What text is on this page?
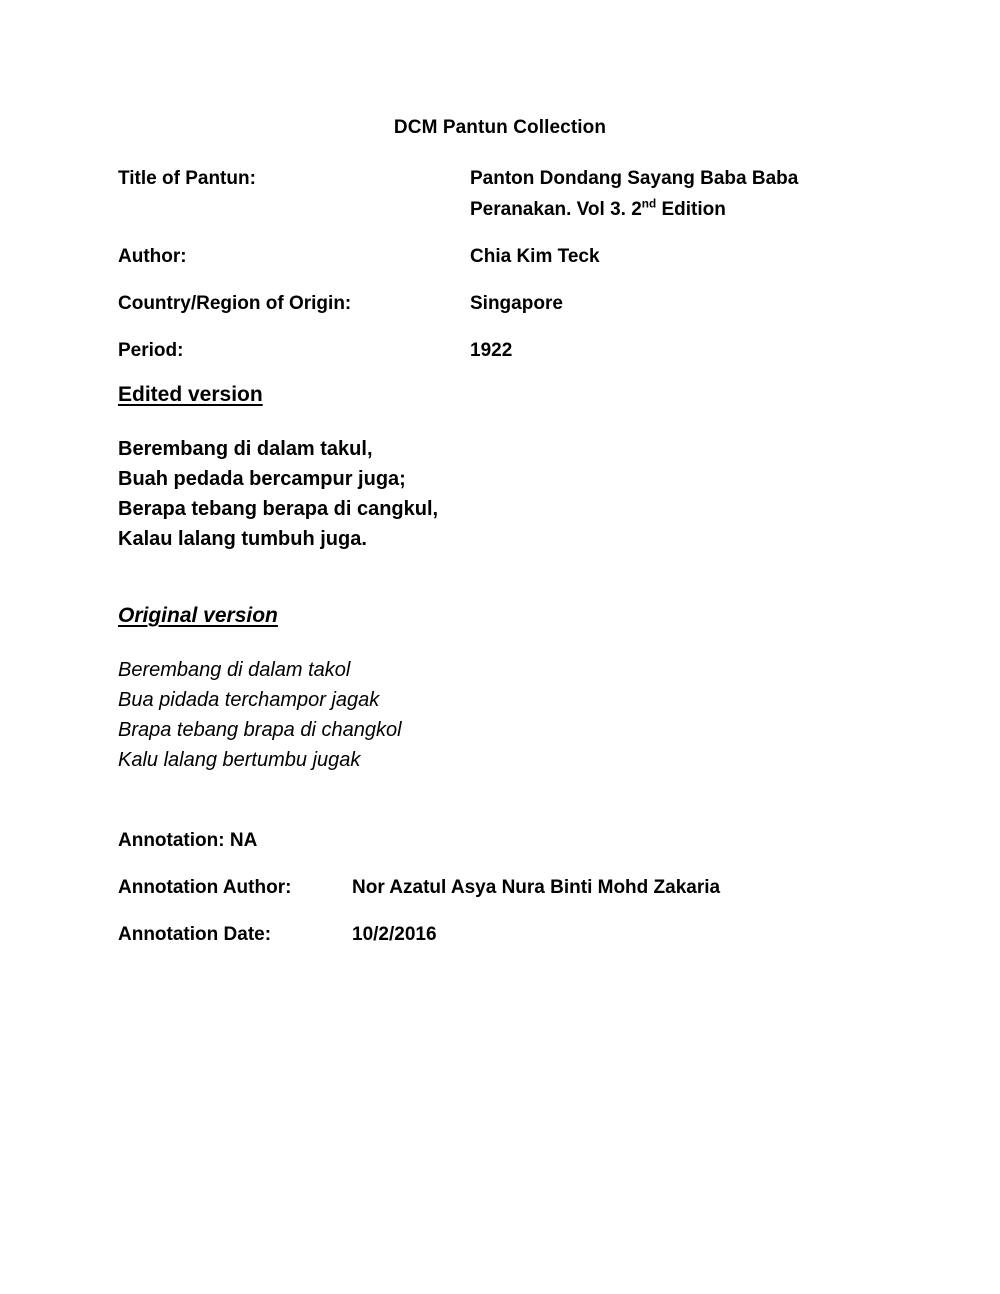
DCM Pantun Collection
Title of Pantun:	Panton Dondang Sayang Baba Baba
Peranakan. Vol 3. 2nd Edition
Author:	Chia Kim Teck
Country/Region of Origin:	Singapore
Period:	1922
Edited version
Berembang di dalam takul,
Buah pedada bercampur juga;
Berapa tebang berapa di cangkul,
Kalau lalang tumbuh juga.
Original version
Berembang di dalam takol
Bua pidada terchampor jagak
Brapa tebang brapa di changkol
Kalu lalang bertumbu jugak
Annotation: NA
Annotation Author:	Nor Azatul Asya Nura Binti Mohd Zakaria
Annotation Date:	10/2/2016
